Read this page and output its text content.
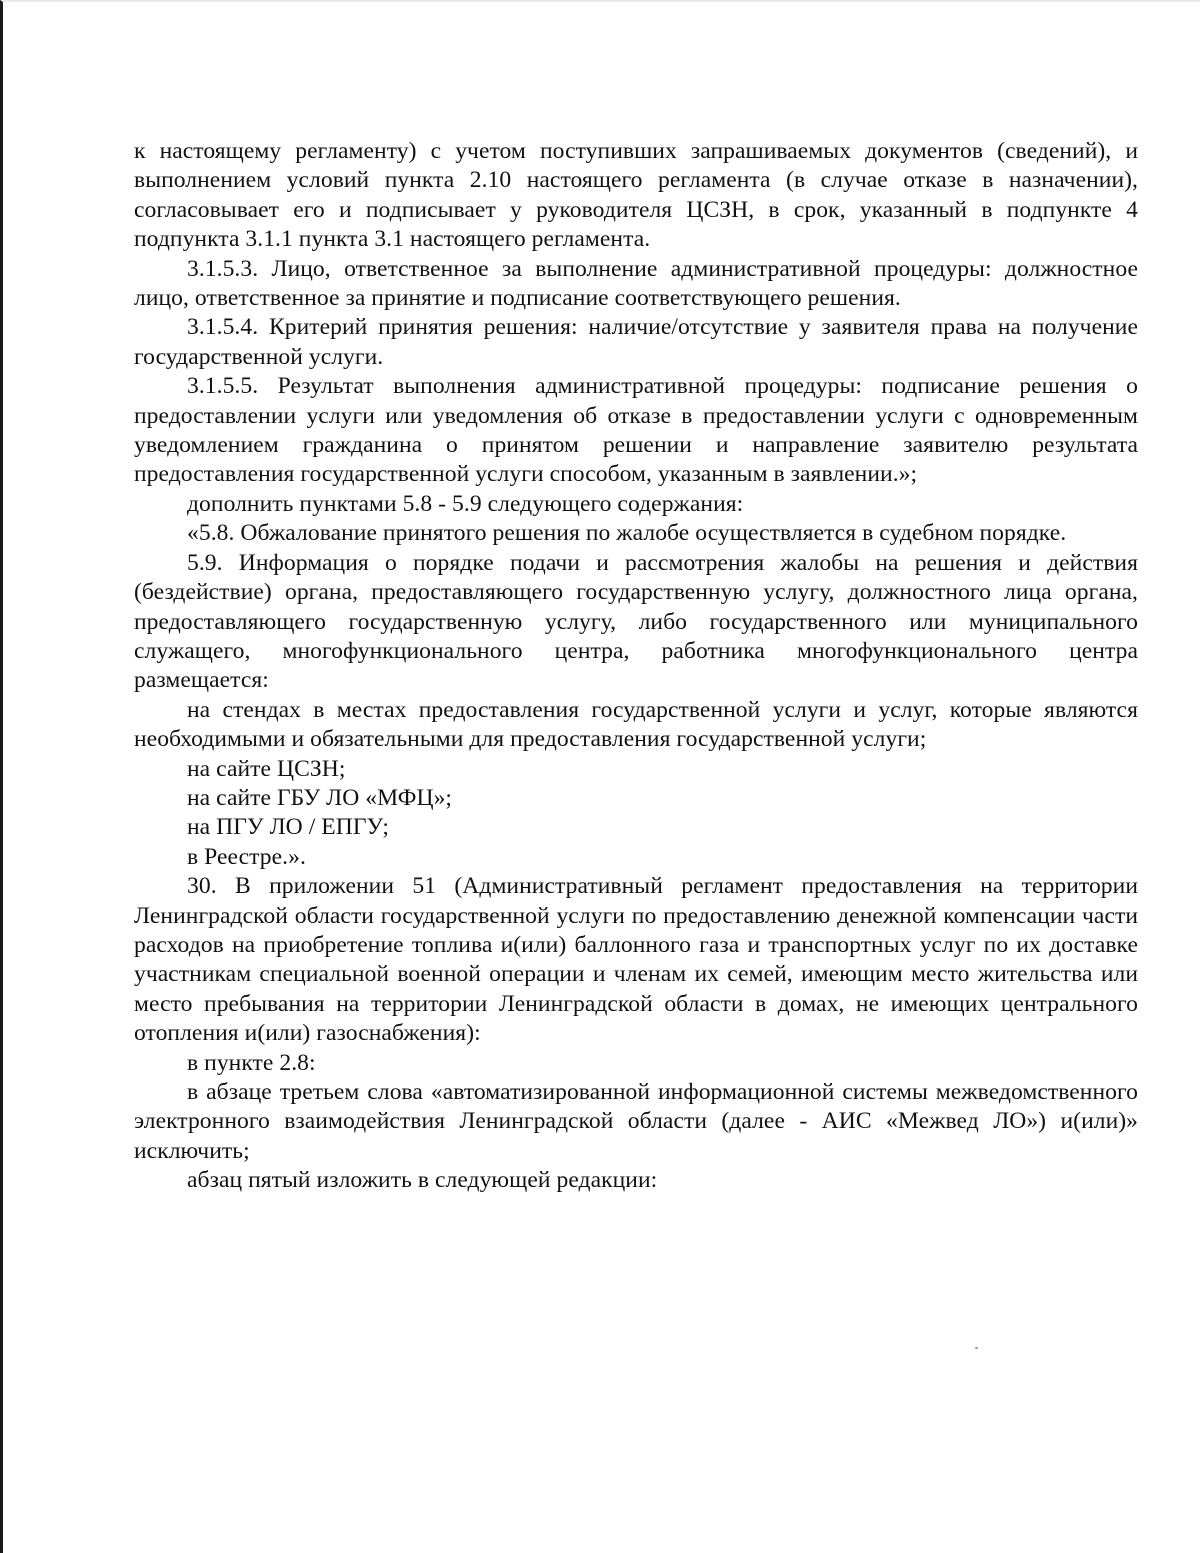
к настоящему регламенту) с учетом поступивших запрашиваемых документов (сведений), и выполнением условий пункта 2.10 настоящего регламента (в случае отказе в назначении), согласовывает его и подписывает у руководителя ЦСЗН, в срок, указанный в подпункте 4 подпункта 3.1.1 пункта 3.1 настоящего регламента.

3.1.5.3. Лицо, ответственное за выполнение административной процедуры: должностное лицо, ответственное за принятие и подписание соответствующего решения.

3.1.5.4. Критерий принятия решения: наличие/отсутствие у заявителя права на получение государственной услуги.

3.1.5.5. Результат выполнения административной процедуры: подписание решения о предоставлении услуги или уведомления об отказе в предоставлении услуги с одновременным уведомлением гражданина о принятом решении и направление заявителю результата предоставления государственной услуги способом, указанным в заявлении.»;

дополнить пунктами 5.8 - 5.9 следующего содержания:

«5.8. Обжалование принятого решения по жалобе осуществляется в судебном порядке.

5.9. Информация о порядке подачи и рассмотрения жалобы на решения и действия (бездействие) органа, предоставляющего государственную услугу, должностного лица органа, предоставляющего государственную услугу, либо государственного или муниципального служащего, многофункционального центра, работника многофункционального центра размещается:

на стендах в местах предоставления государственной услуги и услуг, которые являются необходимыми и обязательными для предоставления государственной услуги;

на сайте ЦСЗН;

на сайте ГБУ ЛО «МФЦ»;

на ПГУ ЛО / ЕПГУ;

в Реестре.».

30. В приложении 51 (Административный регламент предоставления на территории Ленинградской области государственной услуги по предоставлению денежной компенсации части расходов на приобретение топлива и(или) баллонного газа и транспортных услуг по их доставке участникам специальной военной операции и членам их семей, имеющим место жительства или место пребывания на территории Ленинградской области в домах, не имеющих центрального отопления и(или) газоснабжения):

в пункте 2.8:

в абзаце третьем слова «автоматизированной информационной системы межведомственного электронного взаимодействия Ленинградской области (далее - АИС «Межвед ЛО») и(или)» исключить;

абзац пятый изложить в следующей редакции:
